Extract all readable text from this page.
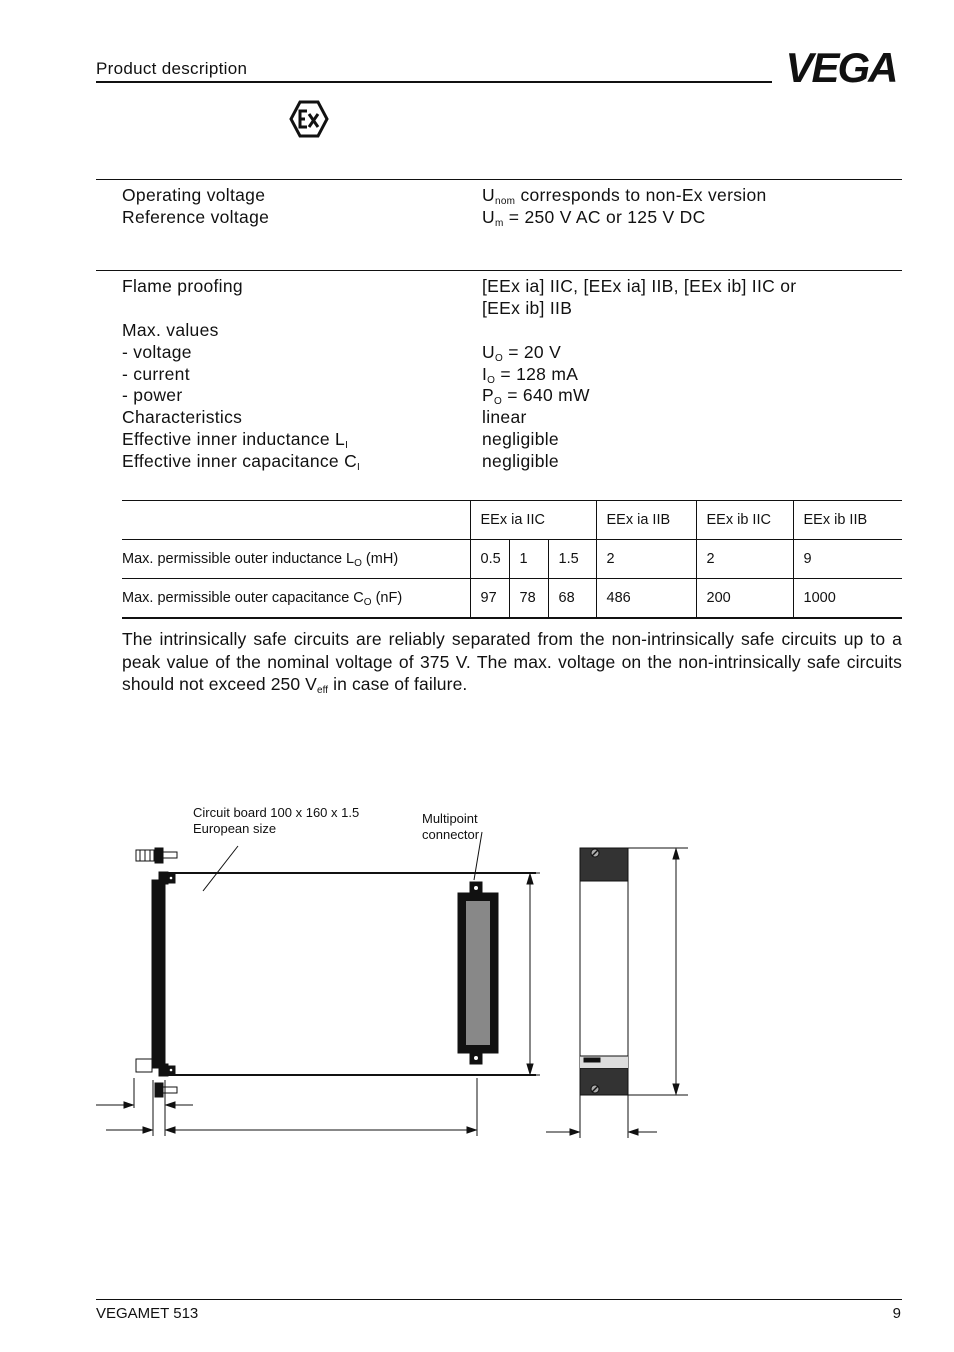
Product description	VEGA
Operating voltage	$U_{nom}$ corresponds to non-Ex version
Reference voltage	$U_m = 250$ V AC or 125 V DC
Flame proofing	[EEx ia] IIC, [EEx ia] IIB, [EEx ib] IIC or
[EEx ib] IIB
Max. values
- voltage	$U_O = 20$ V
- current	$I_O = 128$ mA
- power	$P_O = 640$ mW
Characteristics	linear
Effective inner inductance $L_I$	negligible
Effective inner capacitance $C_I$	negligible
	EEx ia IIC			EEx ia IIB	EEx ib IIC	EEx ib IIB
Max. permissible outer inductance $L_O$ (mH)	0.5	1	1.5	2	2	9
Max. permissible outer capacitance $C_O$ (nF)	97	78	68	486	200	1000
The intrinsically safe circuits are reliably separated from the non-intrinsically safe circuits up to a peak value of the nominal voltage of 375 V. The max. voltage on the non-intrinsically safe circuits should not exceed 250 $V_{eff}$ in case of failure.
Circuit board 100 x 160 x 1.5
European size
Multipoint
connector
VEGAMET 513	9
